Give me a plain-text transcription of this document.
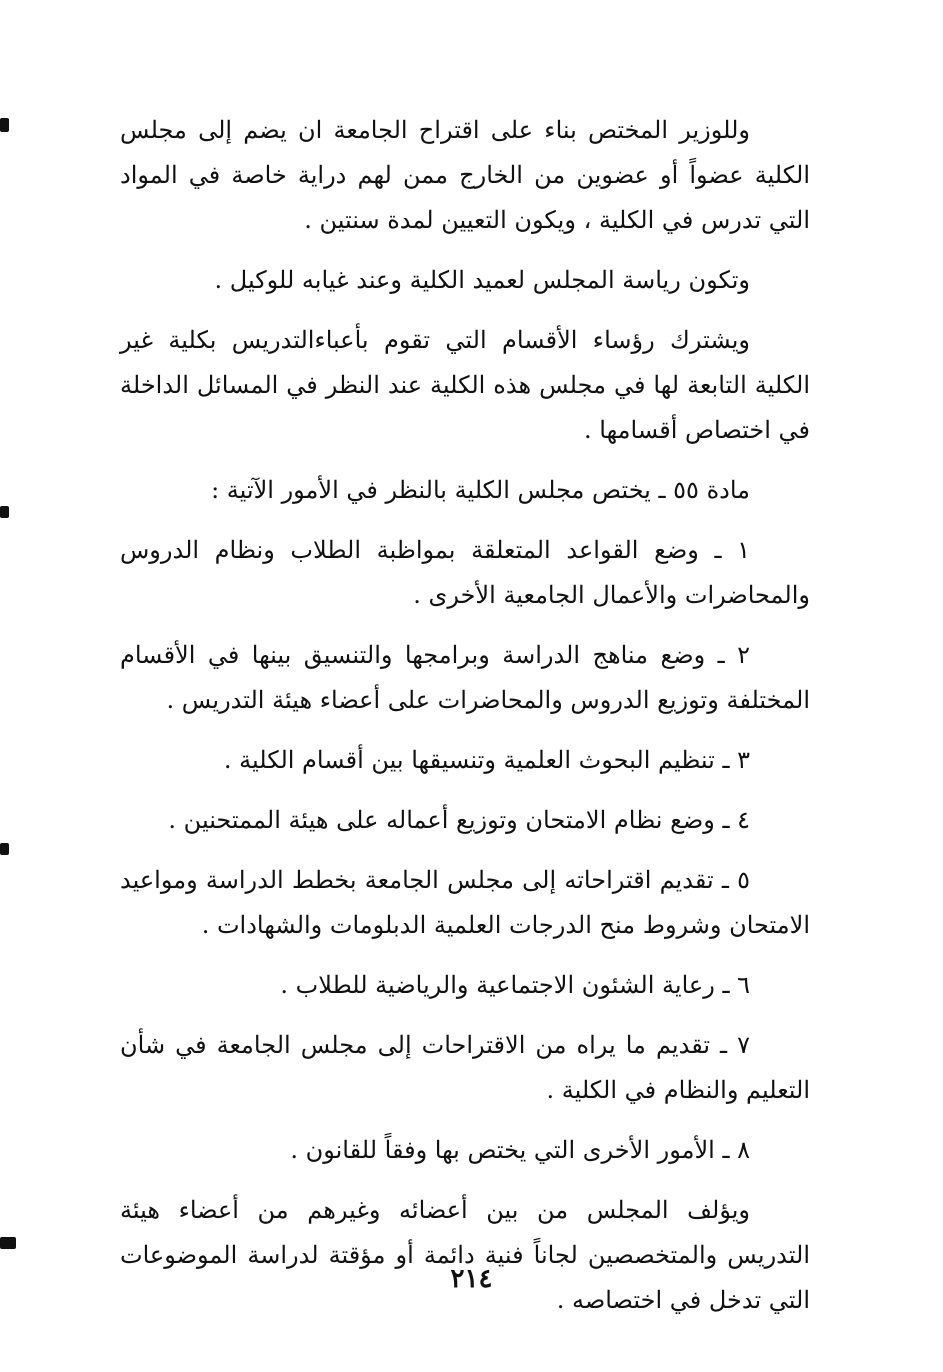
وللوزير المختص بناء على اقتراح الجامعة ان يضم إلى مجلس الكلية عضواً أو عضوين من الخارج ممن لهم دراية خاصة في المواد التي تدرس في الكلية ، ويكون التعيين لمدة سنتين .

وتكون رياسة المجلس لعميد الكلية وعند غيابه للوكيل .

ويشترك رؤساء الأقسام التي تقوم بأعباءالتدريس بكلية غير الكلية التابعة لها في مجلس هذه الكلية عند النظر في المسائل الداخلة في اختصاص أقسامها .

مادة ٥٥ ـ يختص مجلس الكلية بالنظر في الأمور الآتية :

١ ـ وضع القواعد المتعلقة بمواظبة الطلاب ونظام الدروس والمحاضرات والأعمال الجامعية الأخرى .

٢ ـ وضع مناهج الدراسة وبرامجها والتنسيق بينها في الأقسام المختلفة وتوزيع الدروس والمحاضرات على أعضاء هيئة التدريس .

٣ ـ تنظيم البحوث العلمية وتنسيقها بين أقسام الكلية .

٤ ـ وضع نظام الامتحان وتوزيع أعماله على هيئة الممتحنين .

٥ ـ تقديم اقتراحاته إلى مجلس الجامعة بخطط الدراسة ومواعيد الامتحان وشروط منح الدرجات العلمية الدبلومات والشهادات .

٦ ـ رعاية الشئون الاجتماعية والرياضية للطلاب .

٧ ـ تقديم ما يراه من الاقتراحات إلى مجلس الجامعة في شأن التعليم والنظام في الكلية .

٨ ـ الأمور الأخرى التي يختص بها وفقاً للقانون .

ويؤلف المجلس من بين أعضائه وغيرهم من أعضاء هيئة التدريس والمتخصصين لجاناً فنية دائمة أو مؤقتة لدراسة الموضوعات التي تدخل في اختصاصه .

٢١٤
